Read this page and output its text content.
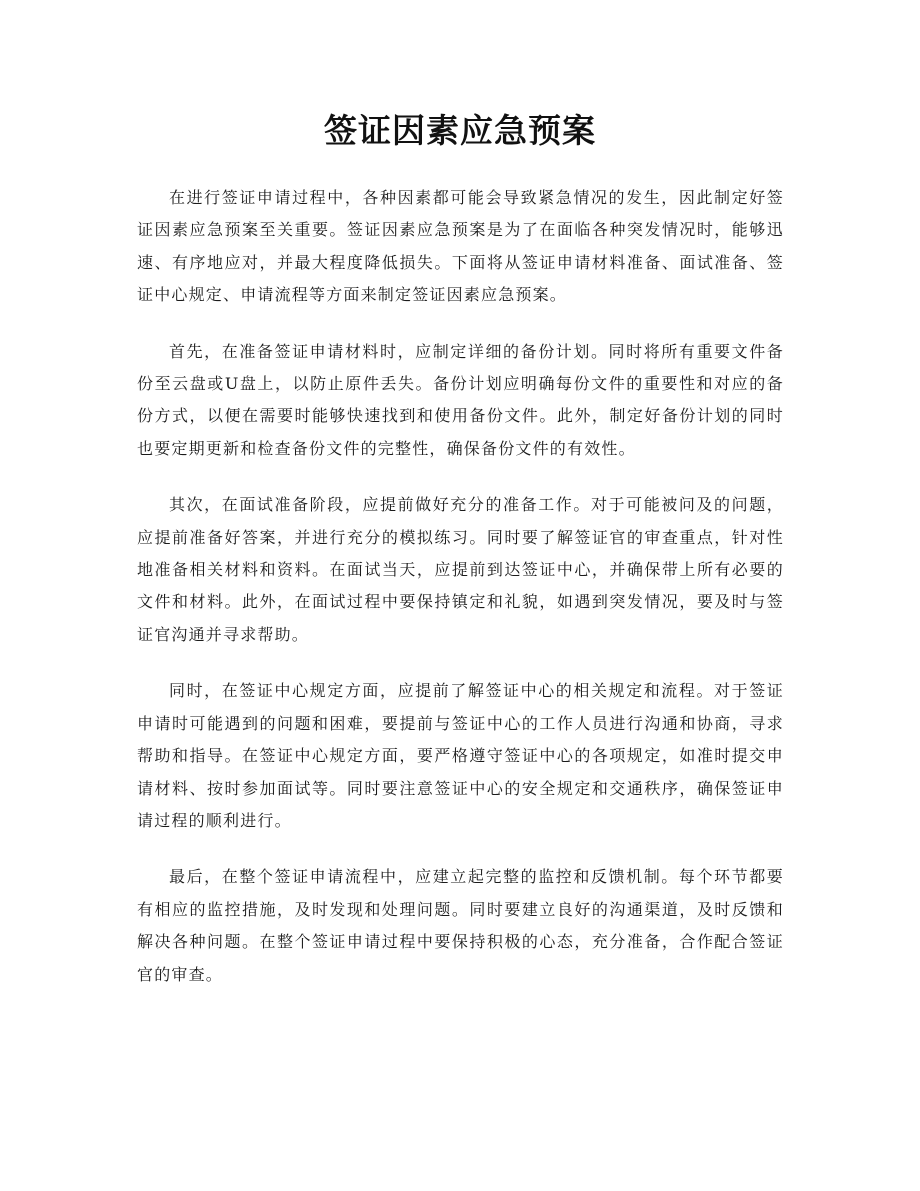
签证因素应急预案

在进行签证申请过程中，各种因素都可能会导致紧急情况的发生，因此制定好签证因素应急预案至关重要。签证因素应急预案是为了在面临各种突发情况时，能够迅速、有序地应对，并最大程度降低损失。下面将从签证申请材料准备、面试准备、签证中心规定、申请流程等方面来制定签证因素应急预案。

首先，在准备签证申请材料时，应制定详细的备份计划。同时将所有重要文件备份至云盘或U盘上，以防止原件丢失。备份计划应明确每份文件的重要性和对应的备份方式，以便在需要时能够快速找到和使用备份文件。此外，制定好备份计划的同时也要定期更新和检查备份文件的完整性，确保备份文件的有效性。

其次，在面试准备阶段，应提前做好充分的准备工作。对于可能被问及的问题，应提前准备好答案，并进行充分的模拟练习。同时要了解签证官的审查重点，针对性地准备相关材料和资料。在面试当天，应提前到达签证中心，并确保带上所有必要的文件和材料。此外，在面试过程中要保持镇定和礼貌，如遇到突发情况，要及时与签证官沟通并寻求帮助。

同时，在签证中心规定方面，应提前了解签证中心的相关规定和流程。对于签证申请时可能遇到的问题和困难，要提前与签证中心的工作人员进行沟通和协商，寻求帮助和指导。在签证中心规定方面，要严格遵守签证中心的各项规定，如准时提交申请材料、按时参加面试等。同时要注意签证中心的安全规定和交通秩序，确保签证申请过程的顺利进行。

最后，在整个签证申请流程中，应建立起完整的监控和反馈机制。每个环节都要有相应的监控措施，及时发现和处理问题。同时要建立良好的沟通渠道，及时反馈和解决各种问题。在整个签证申请过程中要保持积极的心态，充分准备，合作配合签证官的审查。
